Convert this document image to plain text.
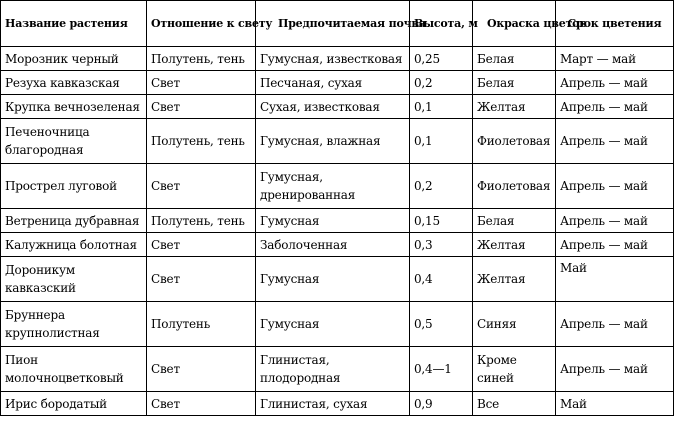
Название растения	Отношение к свету	Предпочитаемая почва	Высота, м	Окраска цветов	Срок цветения
Морозник черный	Полутень, тень	Гумусная, известковая	0,25	Белая	Март — май
Резуха кавказская	Свет	Песчаная, сухая	0,2	Белая	Апрель — май
Крупка вечнозеленая	Свет	Сухая, известковая	0,1	Желтая	Апрель — май
Печеночница благородная	Полутень, тень	Гумусная, влажная	0,1	Фиолетовая	Апрель — май
Прострел луговой	Свет	Гумусная, дренированная	0,2	Фиолетовая	Апрель — май
Ветреница дубравная	Полутень, тень	Гумусная	0,15	Белая	Апрель — май
Калужница болотная	Свет	Заболоченная	0,3	Желтая	Апрель — май
Дороникум кавказский	Свет	Гумусная	0,4	Желтая	Май
Бруннера крупнолистная	Полутень	Гумусная	0,5	Синяя	Апрель — май
Пион молочноцветковый	Свет	Глинистая, плодородная	0,4—1	Кроме синей	Апрель — май
Ирис бородатый	Свет	Глинистая, сухая	0,9	Все	Май
